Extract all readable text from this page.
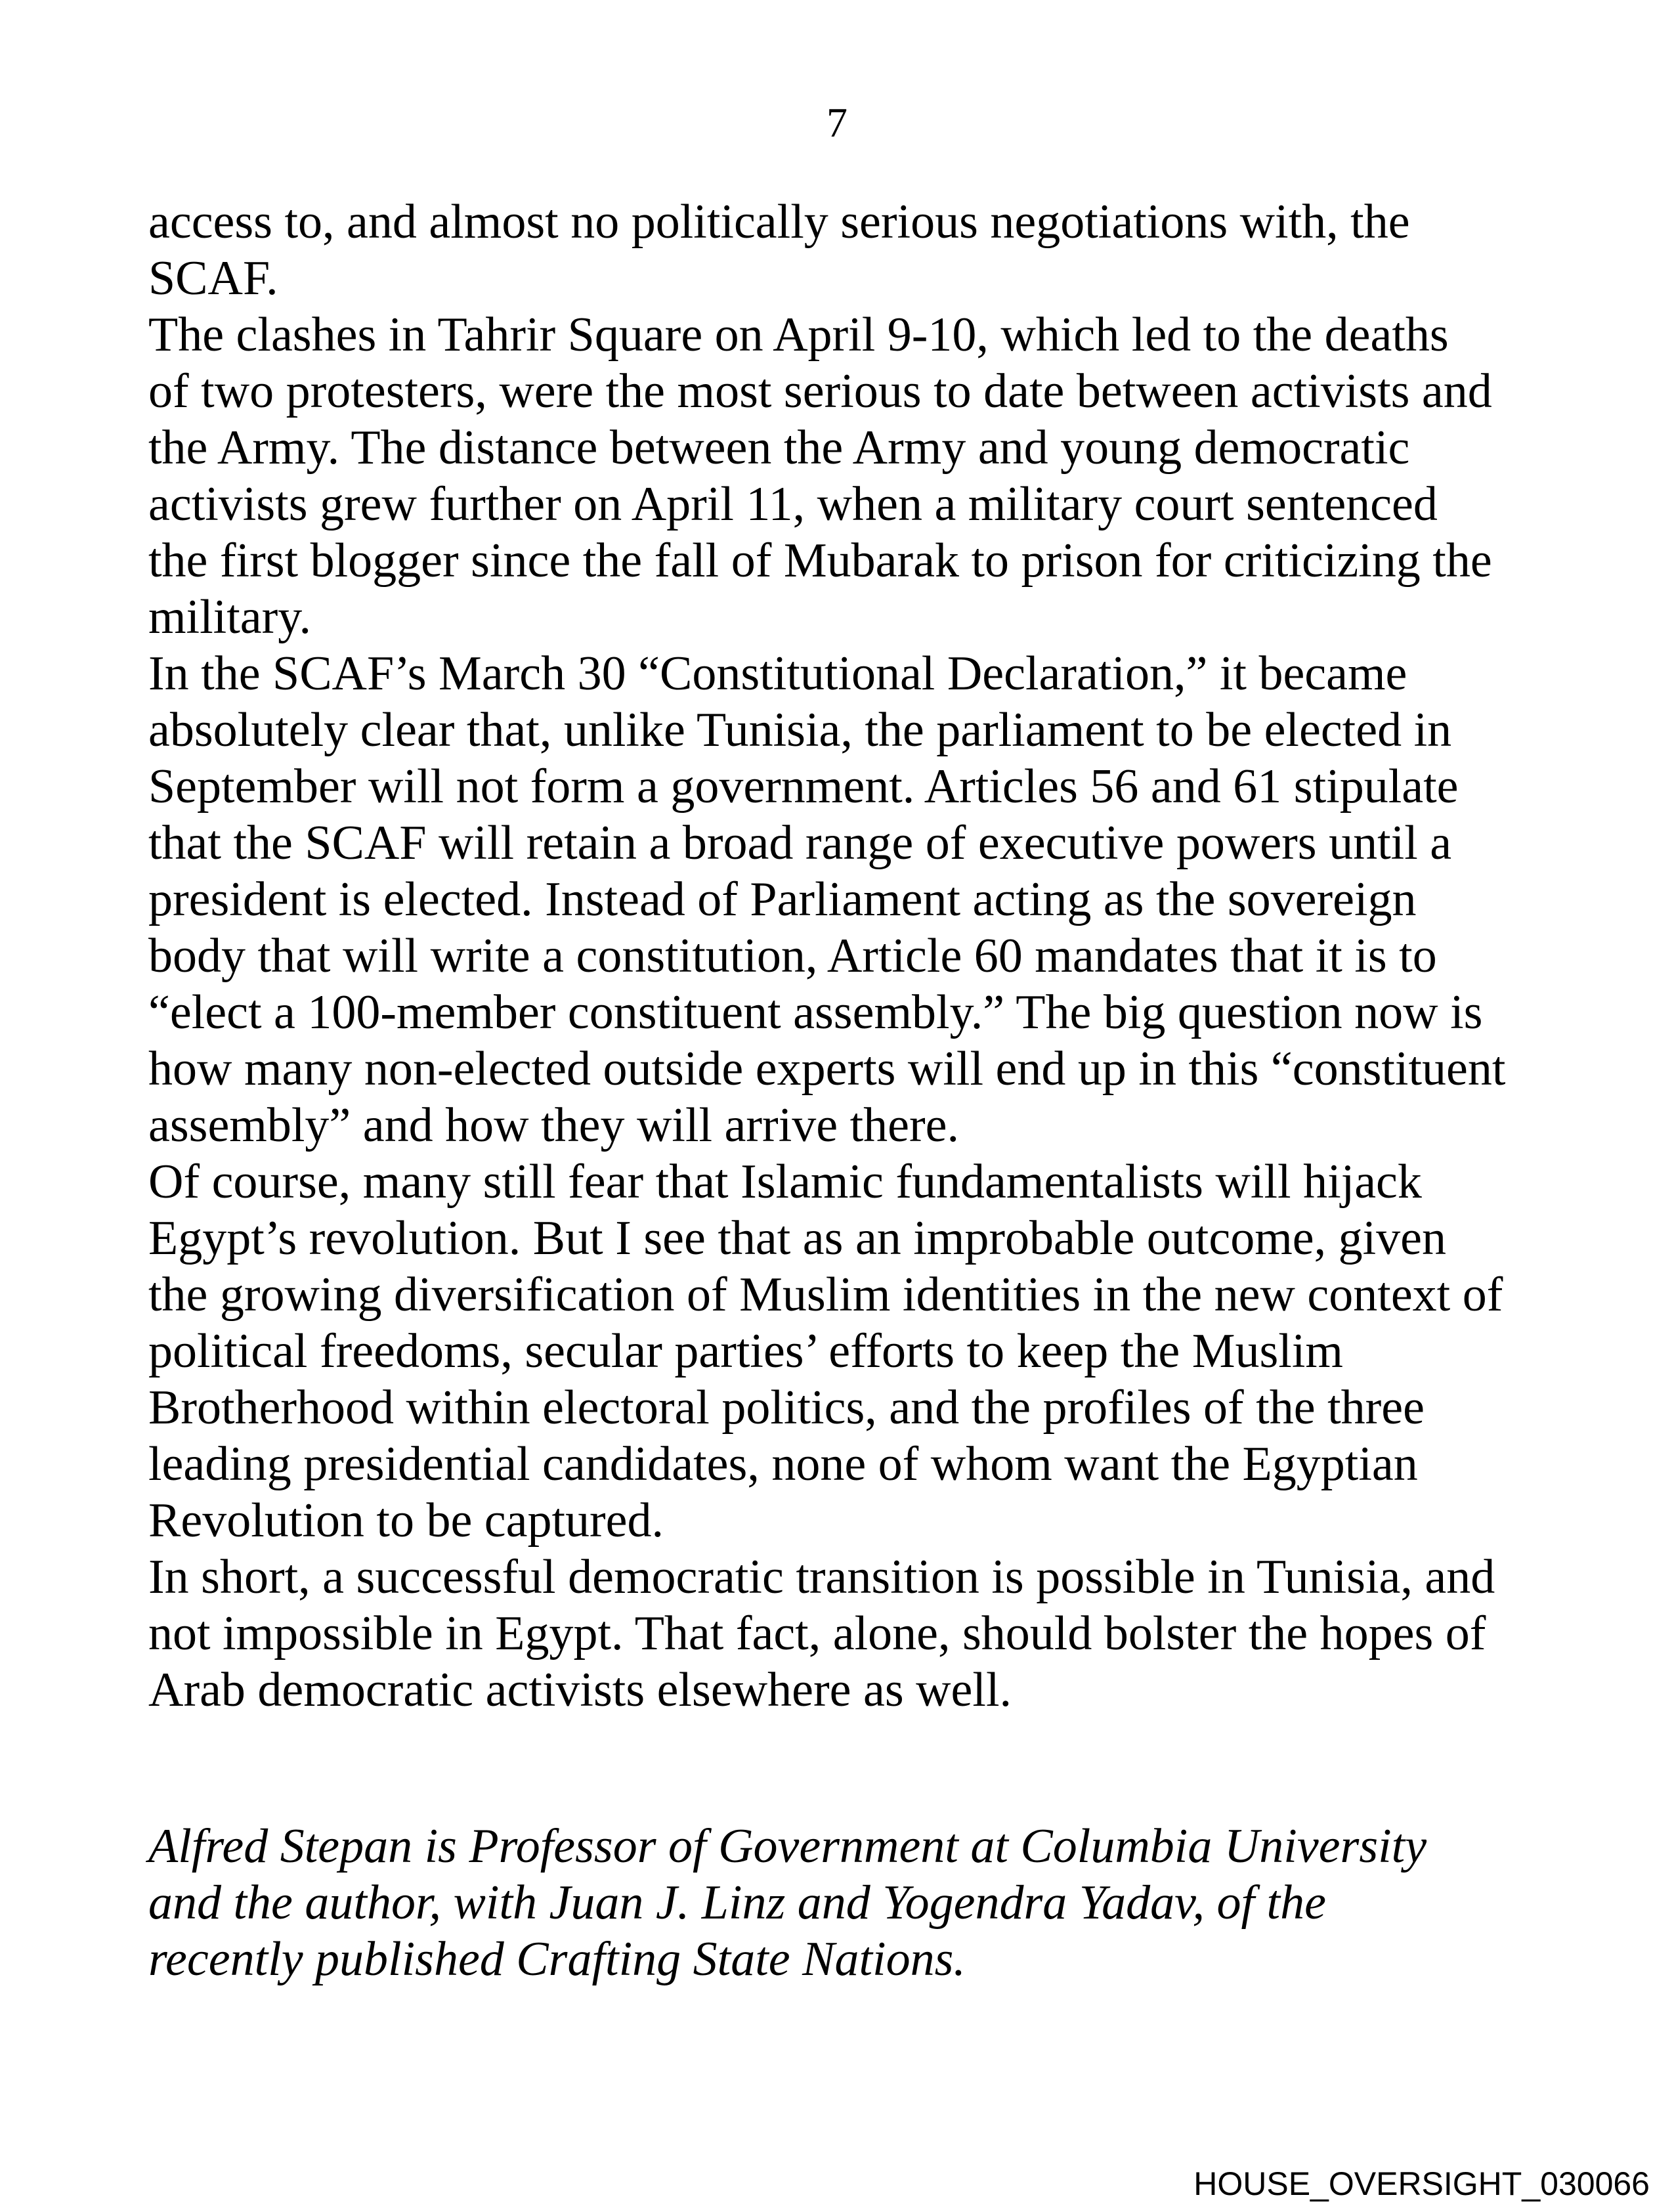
7
access to, and almost no politically serious negotiations with, the
SCAF.
The clashes in Tahrir Square on April 9-10, which led to the deaths
of two protesters, were the most serious to date between activists and
the Army. The distance between the Army and young democratic
activists grew further on April 11, when a military court sentenced
the first blogger since the fall of Mubarak to prison for criticizing the
military.
In the SCAF’s March 30 “Constitutional Declaration,” it became
absolutely clear that, unlike Tunisia, the parliament to be elected in
September will not form a government. Articles 56 and 61 stipulate
that the SCAF will retain a broad range of executive powers until a
president is elected. Instead of Parliament acting as the sovereign
body that will write a constitution, Article 60 mandates that it is to
“elect a 100-member constituent assembly.” The big question now is
how many non-elected outside experts will end up in this “constituent
assembly” and how they will arrive there.
Of course, many still fear that Islamic fundamentalists will hijack
Egypt’s revolution. But I see that as an improbable outcome, given
the growing diversification of Muslim identities in the new context of
political freedoms, secular parties’ efforts to keep the Muslim
Brotherhood within electoral politics, and the profiles of the three
leading presidential candidates, none of whom want the Egyptian
Revolution to be captured.
In short, a successful democratic transition is possible in Tunisia, and
not impossible in Egypt. That fact, alone, should bolster the hopes of
Arab democratic activists elsewhere as well.
Alfred Stepan is Professor of Government at Columbia University
and the author, with Juan J. Linz and Yogendra Yadav, of the
recently published Crafting State Nations.
HOUSE_OVERSIGHT_030066
